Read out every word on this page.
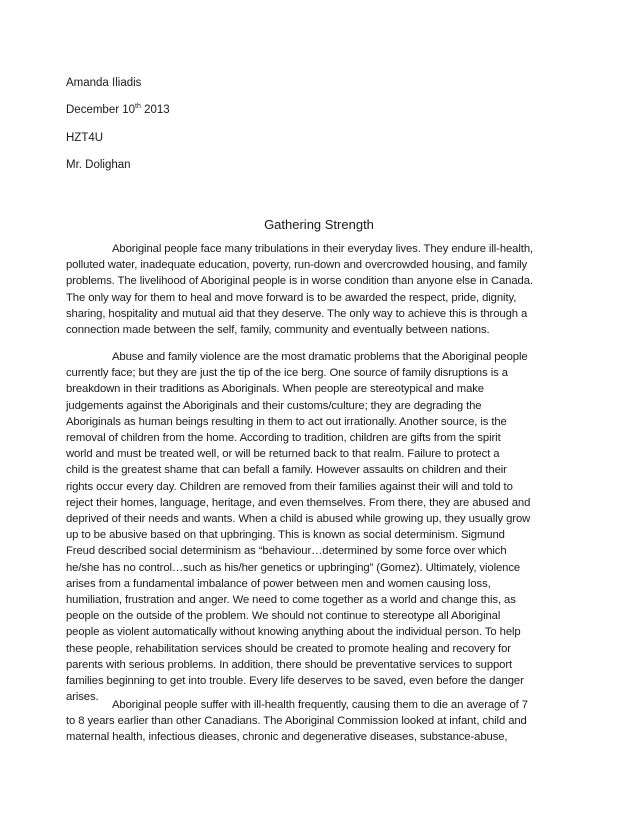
Amanda Iliadis
December 10th 2013
HZT4U
Mr. Dolighan
Gathering Strength
Aboriginal people face many tribulations in their everyday lives. They endure ill-health,
polluted water, inadequate education, poverty, run-down and overcrowded housing, and family
problems. The livelihood of Aboriginal people is in worse condition than anyone else in Canada.
The only way for them to heal and move forward is to be awarded the respect, pride, dignity,
sharing, hospitality and mutual aid that they deserve. The only way to achieve this is through a
connection made between the self, family, community and eventually between nations.
Abuse and family violence are the most dramatic problems that the Aboriginal people
currently face; but they are just the tip of the ice berg. One source of family disruptions is a
breakdown in their traditions as Aboriginals. When people are stereotypical and make
judgements against the Aboriginals and their customs/culture; they are degrading the
Aboriginals as human beings resulting in them to act out irrationally. Another source, is the
removal of children from the home. According to tradition, children are gifts from the spirit
world and must be treated well, or will be returned back to that realm. Failure to protect a
child is the greatest shame that can befall a family. However assaults on children and their
rights occur every day. Children are removed from their families against their will and told to
reject their homes, language, heritage, and even themselves. From there, they are abused and
deprived of their needs and wants. When a child is abused while growing up, they usually grow
up to be abusive based on that upbringing. This is known as social determinism. Sigmund
Freud described social determinism as “behaviour…determined by some force over which
he/she has no control…such as his/her genetics or upbringing” (Gomez). Ultimately, violence
arises from a fundamental imbalance of power between men and women causing loss,
humiliation, frustration and anger. We need to come together as a world and change this, as
people on the outside of the problem. We should not continue to stereotype all Aboriginal
people as violent automatically without knowing anything about the individual person. To help
these people, rehabilitation services should be created to promote healing and recovery for
parents with serious problems. In addition, there should be preventative services to support
families beginning to get into trouble. Every life deserves to be saved, even before the danger
arises.
Aboriginal people suffer with ill-health frequently, causing them to die an average of 7
to 8 years earlier than other Canadians. The Aboriginal Commission looked at infant, child and
maternal health, infectious dieases, chronic and degenerative diseases, substance-abuse,
